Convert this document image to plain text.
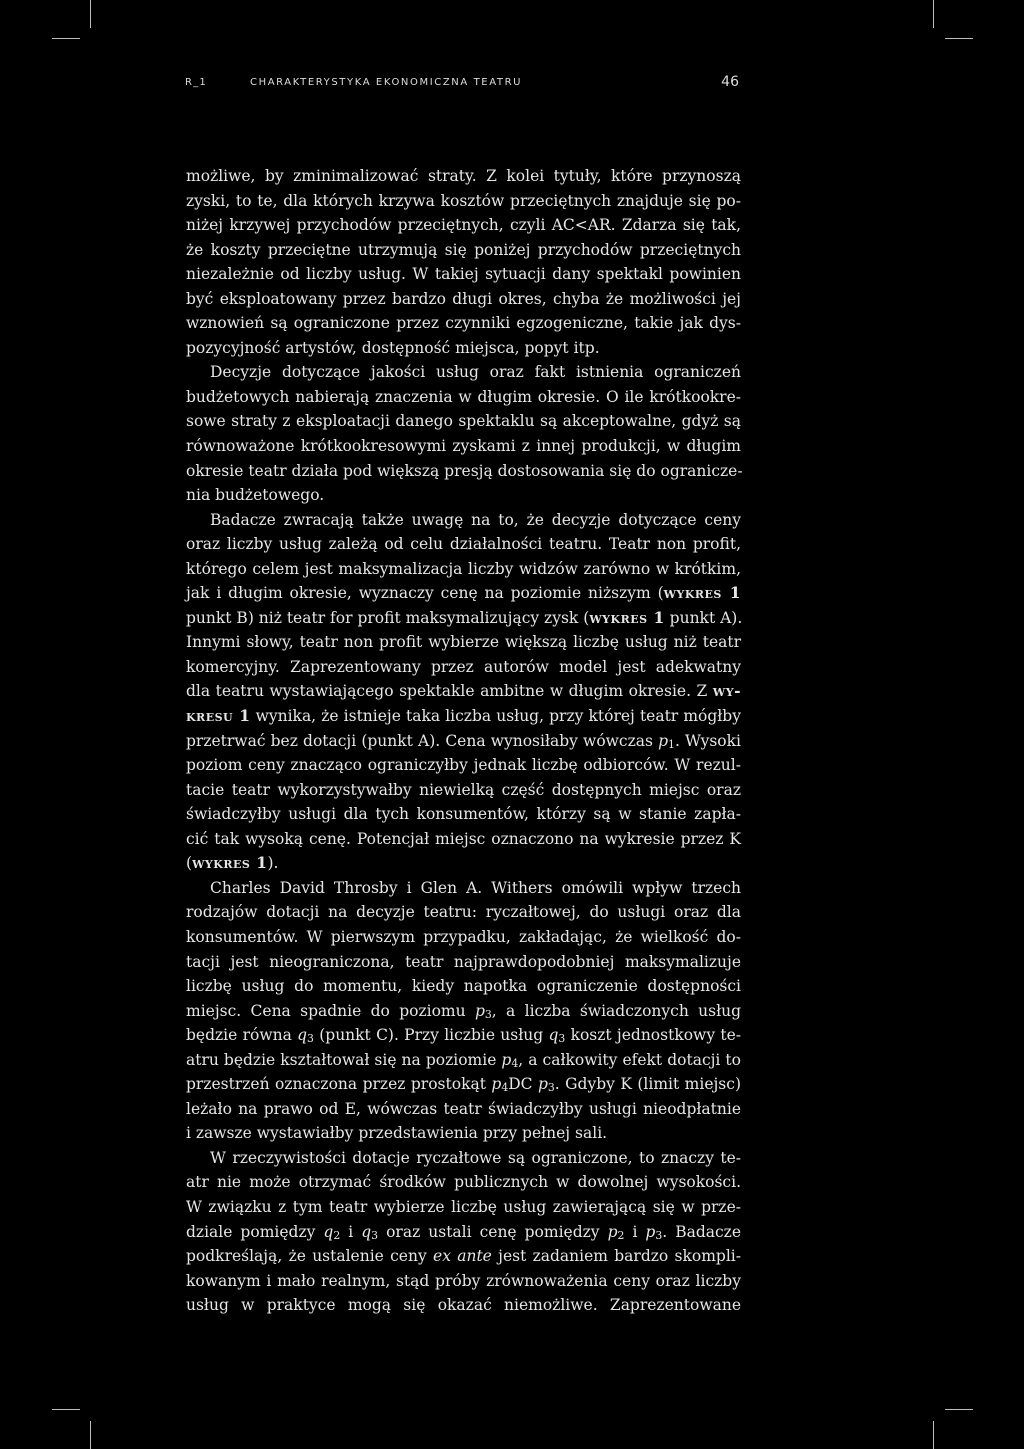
R_1	CHARAKTERYSTYKA EKONOMICZNA TEATRU	46
możliwe, by zminimalizować straty. Z kolei tytuły, które przynoszą
zyski, to te, dla których krzywa kosztów przeciętnych znajduje się po-
niżej krzywej przychodów przeciętnych, czyli AC<AR. Zdarza się tak,
że koszty przeciętne utrzymują się poniżej przychodów przeciętnych
niezależnie od liczby usług. W takiej sytuacji dany spektakl powinien
być eksploatowany przez bardzo długi okres, chyba że możliwości jej
wznowień są ograniczone przez czynniki egzogeniczne, takie jak dys-
pozycyjność artystów, dostępność miejsca, popyt itp.
Decyzje dotyczące jakości usług oraz fakt istnienia ograniczeń
budżetowych nabierają znaczenia w długim okresie. O ile krótkookre-
sowe straty z eksploatacji danego spektaklu są akceptowalne, gdyż są
równoważone krótkookresowymi zyskami z innej produkcji, w długim
okresie teatr działa pod większą presją dostosowania się do ogranicze-
nia budżetowego.
Badacze zwracają także uwagę na to, że decyzje dotyczące ceny
oraz liczby usług zależą od celu działalności teatru. Teatr non profit,
którego celem jest maksymalizacja liczby widzów zarówno w krótkim,
jak i długim okresie, wyznaczy cenę na poziomie niższym (wykres 1
punkt B) niż teatr for profit maksymalizujący zysk (wykres 1 punkt A).
Innymi słowy, teatr non profit wybierze większą liczbę usług niż teatr
komercyjny. Zaprezentowany przez autorów model jest adekwatny
dla teatru wystawiającego spektakle ambitne w długim okresie. Z wy-
kresu 1 wynika, że istnieje taka liczba usług, przy której teatr mógłby
przetrwać bez dotacji (punkt A). Cena wynosiłaby wówczas $p_1$. Wysoki
poziom ceny znacząco ograniczyłby jednak liczbę odbiorców. W rezul-
tacie teatr wykorzystywałby niewielką część dostępnych miejsc oraz
świadczyłby usługi dla tych konsumentów, którzy są w stanie zapła-
cić tak wysoką cenę. Potencjał miejsc oznaczono na wykresie przez K
(wykres 1).
Charles David Throsby i Glen A. Withers omówili wpływ trzech
rodzajów dotacji na decyzje teatru: ryczałtowej, do usługi oraz dla
konsumentów. W pierwszym przypadku, zakładając, że wielkość do-
tacji jest nieograniczona, teatr najprawdopodobniej maksymalizuje
liczbę usług do momentu, kiedy napotka ograniczenie dostępności
miejsc. Cena spadnie do poziomu $p_3$, a liczba świadczonych usług
będzie równa $q_3$ (punkt C). Przy liczbie usług $q_3$ koszt jednostkowy te-
atru będzie kształtował się na poziomie $p_4$, a całkowity efekt dotacji to
przestrzeń oznaczona przez prostokąt $p_4DC$ $p_3$. Gdyby K (limit miejsc)
leżało na prawo od E, wówczas teatr świadczyłby usługi nieodpłatnie
i zawsze wystawiałby przedstawienia przy pełnej sali.
W rzeczywistości dotacje ryczałtowe są ograniczone, to znaczy te-
atr nie może otrzymać środków publicznych w dowolnej wysokości.
W związku z tym teatr wybierze liczbę usług zawierającą się w prze-
dziale pomiędzy $q_2$ i $q_3$ oraz ustali cenę pomiędzy $p_2$ i $p_3$. Badacze
podkreślają, że ustalenie ceny ex ante jest zadaniem bardzo skompli-
kowanym i mało realnym, stąd próby zrównoważenia ceny oraz liczby
usług w praktyce mogą się okazać niemożliwe. Zaprezentowane
